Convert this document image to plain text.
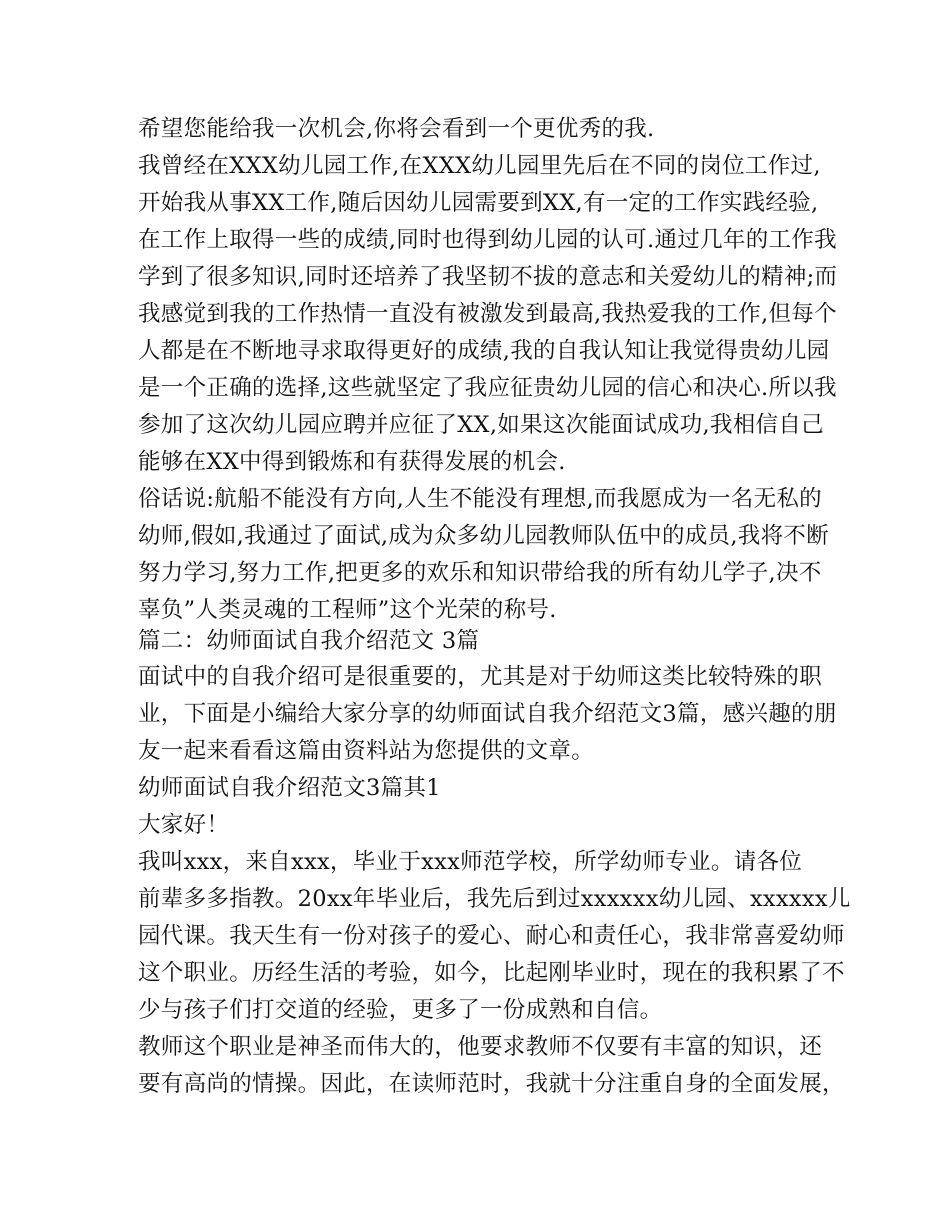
希望您能给我一次机会,你将会看到一个更优秀的我.
我曾经在XXX幼儿园工作,在XXX幼儿园里先后在不同的岗位工作过,
开始我从事XX工作,随后因幼儿园需要到XX,有一定的工作实践经验,
在工作上取得一些的成绩,同时也得到幼儿园的认可.通过几年的工作我
学到了很多知识,同时还培养了我坚韧不拔的意志和关爱幼儿的精神;而
我感觉到我的工作热情一直没有被激发到最高,我热爱我的工作,但每个
人都是在不断地寻求取得更好的成绩,我的自我认知让我觉得贵幼儿园
是一个正确的选择,这些就坚定了我应征贵幼儿园的信心和决心.所以我
参加了这次幼儿园应聘并应征了XX,如果这次能面试成功,我相信自己
能够在XX中得到锻炼和有获得发展的机会.
俗话说:航船不能没有方向,人生不能没有理想,而我愿成为一名无私的
幼师,假如,我通过了面试,成为众多幼儿园教师队伍中的成员,我将不断
努力学习,努力工作,把更多的欢乐和知识带给我的所有幼儿学子,决不
辜负”人类灵魂的工程师”这个光荣的称号.
篇二：幼师面试自我介绍范文 3篇
面试中的自我介绍可是很重要的，尤其是对于幼师这类比较特殊的职
业，下面是小编给大家分享的幼师面试自我介绍范文3篇，感兴趣的朋
友一起来看看这篇由资料站为您提供的文章。
幼师面试自我介绍范文3篇其1
大家好！
我叫xxx，来自xxx，毕业于xxx师范学校，所学幼师专业。请各位
前辈多多指教。20xx年毕业后，我先后到过xxxxxx幼儿园、xxxxxx儿
园代课。我天生有一份对孩子的爱心、耐心和责任心，我非常喜爱幼师
这个职业。历经生活的考验，如今，比起刚毕业时，现在的我积累了不
少与孩子们打交道的经验，更多了一份成熟和自信。
教师这个职业是神圣而伟大的，他要求教师不仅要有丰富的知识，还
要有高尚的情操。因此，在读师范时，我就十分注重自身的全面发展，
